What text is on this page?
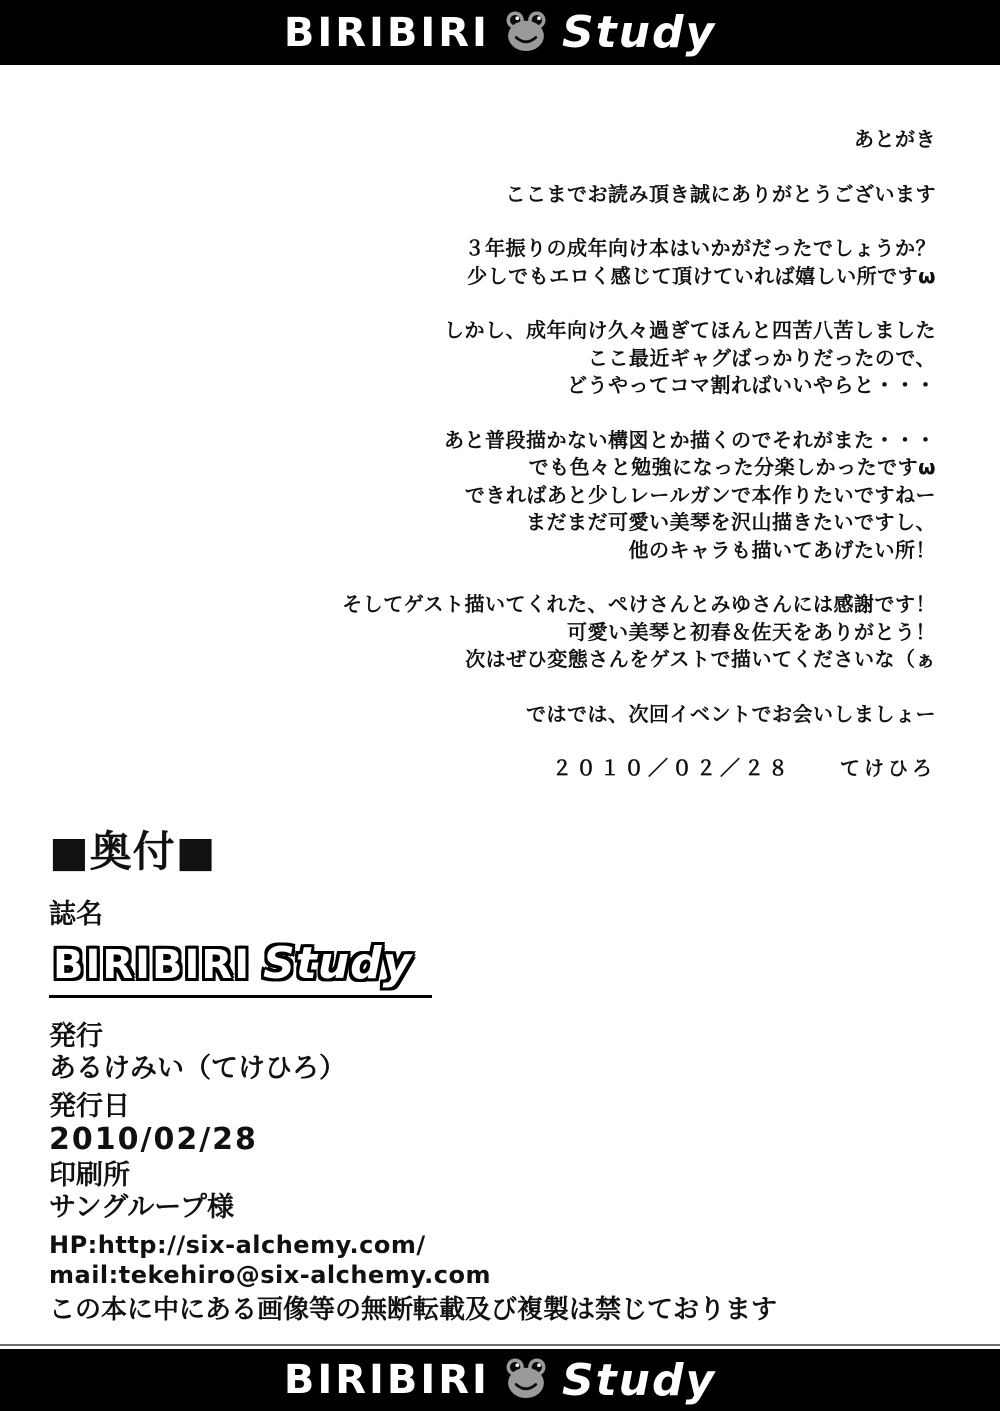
BIRIBIRI Study
あとがき
ここまでお読み頂き誠にありがとうございます
３年振りの成年向け本はいかがだったでしょうか？
少しでもエロく感じて頂けていれば嬉しい所ですω
しかし、成年向け久々過ぎてほんと四苦八苦しました
ここ最近ギャグばっかりだったので、
どうやってコマ割ればいいやらと・・・
あと普段描かない構図とか描くのでそれがまた・・・
でも色々と勉強になった分楽しかったですω
できればあと少しレールガンで本作りたいですねー
まだまだ可愛い美琴を沢山描きたいですし、
他のキャラも描いてあげたい所！
そしてゲスト描いてくれた、ぺけさんとみゆさんには感謝です！
可愛い美琴と初春＆佐天をありがとう！
次はぜひ変態さんをゲストで描いてくださいな（ぁ
ではでは、次回イベントでお会いしましょー
２０１０／０２／２８　　てけひろ
■奥付■
誌名
BIRIBIRI Study
発行
あるけみい（てけひろ）
発行日
2010/02/28
印刷所
サングループ様
HP:http://six-alchemy.com/
mail:tekehiro@six-alchemy.com
この本に中にある画像等の無断転載及び複製は禁じております
BIRIBIRI Study
